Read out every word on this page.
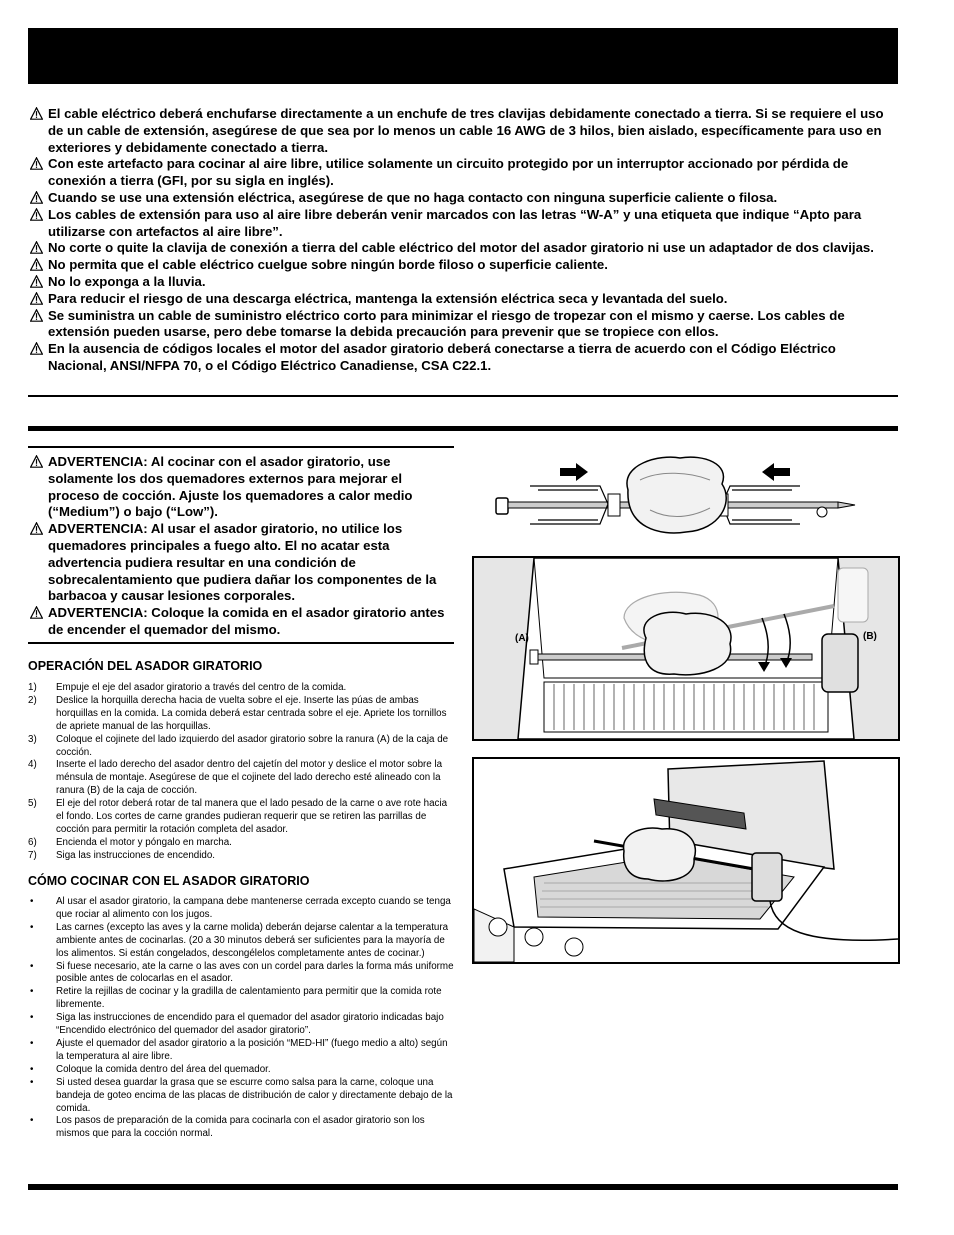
El cable eléctrico deberá enchufarse directamente a un enchufe de tres clavijas debidamente conectado a tierra. Si se requiere el uso de un cable de extensión, asegúrese de que sea por lo menos un cable 16 AWG de 3 hilos, bien aislado, específicamente para uso en exteriores y debidamente conectado a tierra.
Con este artefacto para cocinar al aire libre, utilice solamente un circuito protegido por un interruptor accionado por pérdida de conexión a tierra (GFI, por su sigla en inglés).
Cuando se use una extensión eléctrica, asegúrese de que no haga contacto con ninguna superficie caliente o filosa.
Los cables de extensión para uso al aire libre deberán venir marcados con las letras “W-A” y una etiqueta que indique “Apto para utilizarse con artefactos al aire libre”.
No corte o quite la clavija de conexión a tierra del cable eléctrico del motor del asador giratorio ni use un adaptador de dos clavijas.
No permita que el cable eléctrico cuelgue sobre ningún borde filoso o superficie caliente.
No lo exponga a la lluvia.
Para reducir el riesgo de una descarga eléctrica, mantenga la extensión eléctrica seca y levantada del suelo.
Se suministra un cable de suministro eléctrico corto para minimizar el riesgo de tropezar con el mismo y caerse. Los cables de extensión pueden usarse, pero debe tomarse la debida precaución para prevenir que se tropiece con ellos.
En la ausencia de códigos locales el motor del asador giratorio deberá conectarse a tierra de acuerdo con el Código Eléctrico Nacional, ANSI/NFPA 70, o el Código Eléctrico Canadiense, CSA C22.1.
ADVERTENCIA: Al cocinar con el asador giratorio, use solamente los dos quemadores externos para mejorar el proceso de cocción. Ajuste los quemadores a calor medio (“Medium”) o bajo (“Low”).
ADVERTENCIA: Al usar el asador giratorio, no utilice los quemadores principales a fuego alto. El no acatar esta advertencia pudiera resultar en una condición de sobrecalentamiento que pudiera dañar los componentes de la barbacoa y causar lesiones corporales.
ADVERTENCIA: Coloque la comida en el asador giratorio antes de encender el quemador del mismo.
OPERACIÓN DEL ASADOR GIRATORIO
1) Empuje el eje del asador giratorio a través del centro de la comida.
2) Deslice la horquilla derecha hacia de vuelta sobre el eje. Inserte las púas de ambas horquillas en la comida. La comida deberá estar centrada sobre el eje. Apriete los tornillos de apriete manual de las horquillas.
3) Coloque el cojinete del lado izquierdo del asador giratorio sobre la ranura (A) de la caja de cocción.
4) Inserte el lado derecho del asador dentro del cajetín del motor y deslice el motor sobre la ménsula de montaje. Asegúrese de que el cojinete del lado derecho esté alineado con la ranura (B) de la caja de cocción.
5) El eje del rotor deberá rotar de tal manera que el lado pesado de la carne o ave rote hacia el fondo. Los cortes de carne grandes pudieran requerir que se retiren las parrillas de cocción para permitir la rotación completa del asador.
6) Encienda el motor y póngalo en marcha.
7) Siga las instrucciones de encendido.
CÓMO COCINAR CON EL ASADOR GIRATORIO
• Al usar el asador giratorio, la campana debe mantenerse cerrada excepto cuando se tenga que rociar al alimento con los jugos.
• Las carnes (excepto las aves y la carne molida) deberán dejarse calentar a la temperatura ambiente antes de cocinarlas. (20 a 30 minutos deberá ser suficientes para la mayoría de los alimentos. Si están congelados, descongélelos completamente antes de cocinar.)
• Si fuese necesario, ate la carne o las aves con un cordel para darles la forma más uniforme posible antes de colocarlas en el asador.
• Retire la rejillas de cocinar y la gradilla de calentamiento para permitir que la comida rote libremente.
• Siga las instrucciones de encendido para el quemador del asador giratorio indicadas bajo “Encendido electrónico del quemador del asador giratorio”.
• Ajuste el quemador del asador giratorio a la posición “MED-HI” (fuego medio a alto) según la temperatura al aire libre.
• Coloque la comida dentro del área del quemador.
• Si usted desea guardar la grasa que se escurre como salsa para la carne, coloque una bandeja de goteo encima de las placas de distribución de calor y directamente debajo de la comida.
• Los pasos de preparación de la comida para cocinarla con el asador giratorio son los mismos que para la cocción normal.
(A)	(B)
